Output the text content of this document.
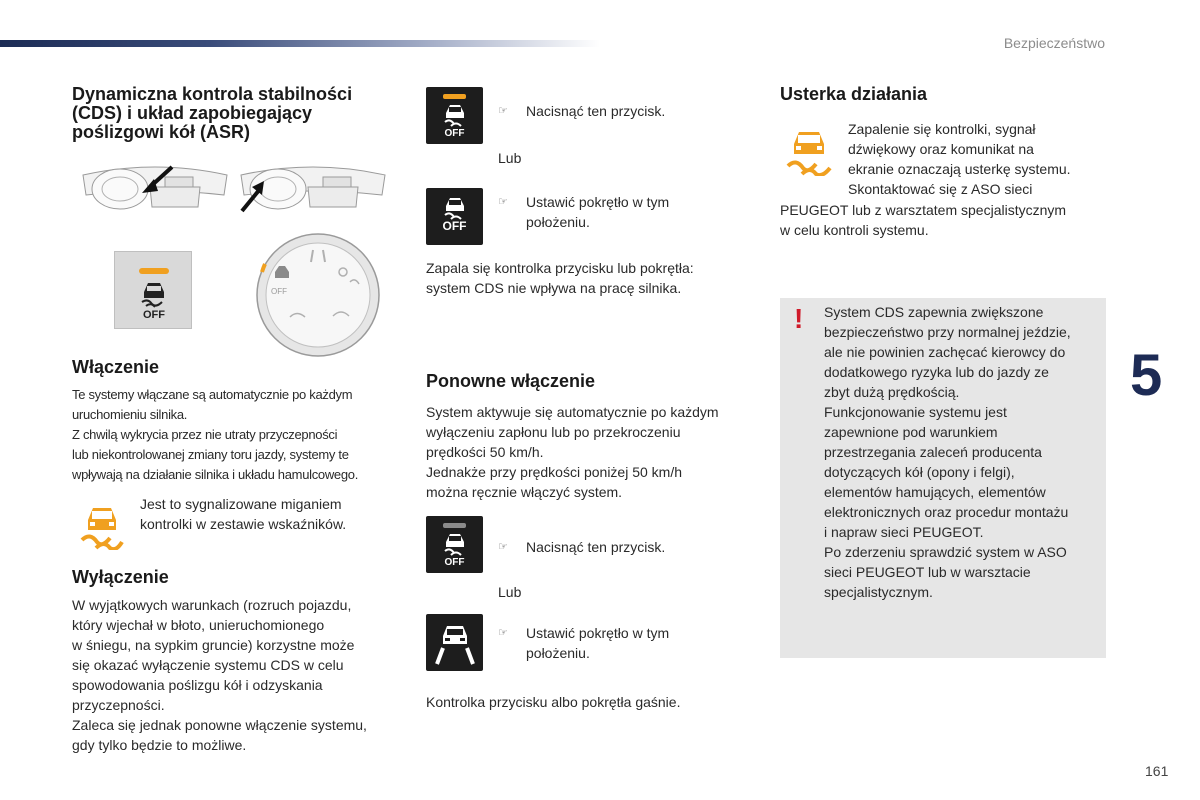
Bezpieczeństwo
Dynamiczna kontrola stabilności
(CDS) i układ zapobiegający
poślizgowi kół (ASR)
OFF
OFF
Włączenie
Te systemy włączane są automatycznie po każdym
uruchomieniu silnika.
Z chwilą wykrycia przez nie utraty przyczepności
lub niekontrolowanej zmiany toru jazdy, systemy te
wpływają na działanie silnika i układu hamulcowego.
Jest to sygnalizowane miganiem
kontrolki w zestawie wskaźników.
Wyłączenie
W wyjątkowych warunkach (rozruch pojazdu,
który wjechał w błoto, unieruchomionego
w śniegu, na sypkim gruncie) korzystne może
się okazać wyłączenie systemu CDS w celu
spowodowania poślizgu kół i odzyskania
przyczepności.
Zaleca się jednak ponowne włączenie systemu,
gdy tylko będzie to możliwe.
OFF
☞ Nacisnąć ten przycisk.
Lub
OFF
☞ Ustawić pokrętło w tym
położeniu.
Zapala się kontrolka przycisku lub pokrętła:
system CDS nie wpływa na pracę silnika.
Ponowne włączenie
System aktywuje się automatycznie po każdym
wyłączeniu zapłonu lub po przekroczeniu
prędkości 50 km/h.
Jednakże przy prędkości poniżej 50 km/h
można ręcznie włączyć system.
OFF
☞ Nacisnąć ten przycisk.
Lub
☞ Ustawić pokrętło w tym
położeniu.
Kontrolka przycisku albo pokrętła gaśnie.
Usterka działania
Zapalenie się kontrolki, sygnał
dźwiękowy oraz komunikat na
ekranie oznaczają usterkę systemu.
Skontaktować się z ASO sieci
PEUGEOT lub z warsztatem specjalistycznym
w celu kontroli systemu.
! System CDS zapewnia zwiększone
bezpieczeństwo przy normalnej jeździe,
ale nie powinien zachęcać kierowcy do
dodatkowego ryzyka lub do jazdy ze
zbyt dużą prędkością.
Funkcjonowanie systemu jest
zapewnione pod warunkiem
przestrzegania zaleceń producenta
dotyczących kół (opony i felgi),
elementów hamujących, elementów
elektronicznych oraz procedur montażu
i napraw sieci PEUGEOT.
Po zderzeniu sprawdzić system w ASO
sieci PEUGEOT lub w warsztacie
specjalistycznym.
5
161
